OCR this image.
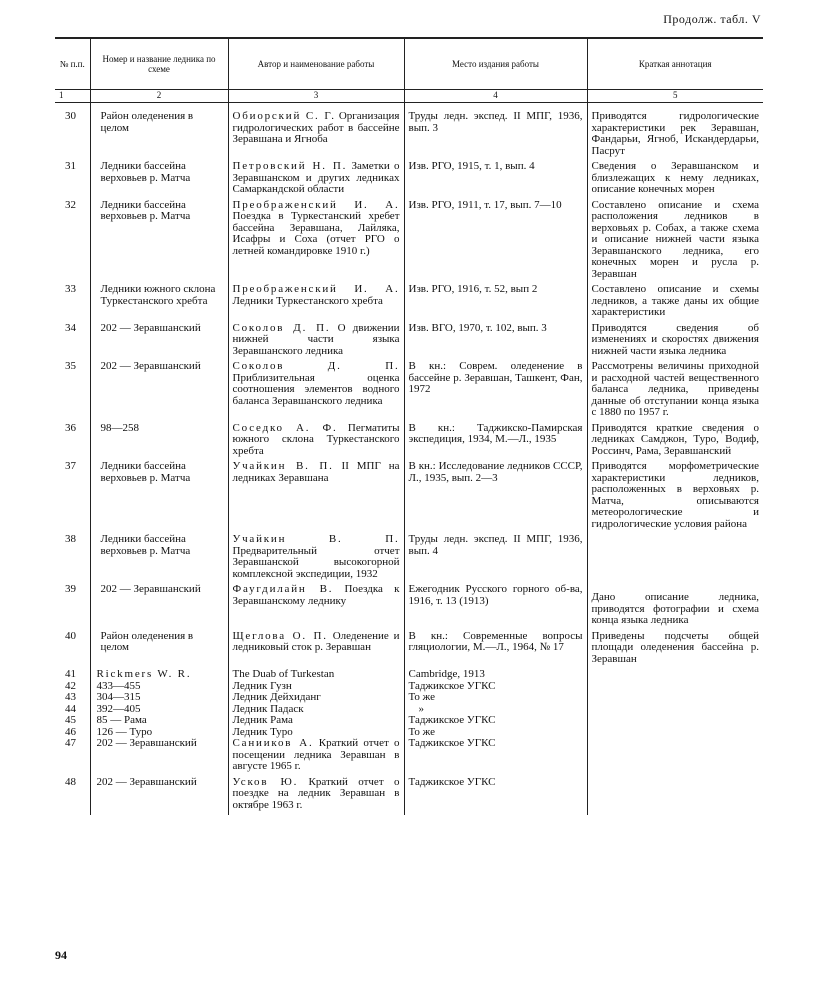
Продолж. табл. V
№ п.п.	Номер и название ледника по схеме	Автор и наименование работы	Место издания работы	Краткая аннотация
1	2	3	4	5

30	Район оледенения в целом	Обиорский С. Г. Организация гидрологических работ в бассейне Зеравшана и Ягноба	Труды ледн. экспед. II МПГ, 1936, вып. 3	Приводятся гидрологические характеристики рек Зеравшан, Фандарьи, Ягноб, Искандердарьи, Пасрут
31	Ледники бассейна верховьев р. Матча	Петровский Н. П. Заметки о Зеравшанском и других ледниках Самаркандской области	Изв. РГО, 1915, т. 1, вып. 4	Сведения о Зеравшанском и близлежащих к нему ледниках, описание конечных морен
32	Ледники бассейна верховьев р. Матча	Преображенский И. А. Поездка в Туркестанский хребет бассейна Зеравшана, Лайляка, Исафры и Соха (отчет РГО о летней командировке 1910 г.)	Изв. РГО, 1911, т. 17, вып. 7—10	Составлено описание и схема расположения ледников в верховьях р. Собах, а также схема и описание нижней части языка Зеравшанского ледника, его конечных морен и русла р. Зеравшан
33	Ледники южного склона Туркестанского хребта	Преображенский И. А. Ледники Туркестанского хребта	Изв. РГО, 1916, т. 52, вып 2	Составлено описание и схемы ледников, а также даны их общие характеристики
34	202 — Зеравшанский	Соколов Д. П. О движении нижней части языка Зеравшанского ледника	Изв. ВГО, 1970, т. 102, вып. 3	Приводятся сведения об изменениях и скоростях движения нижней части языка ледника
35	202 — Зеравшанский	Соколов Д. П. Приблизительная оценка соотношения элементов водного баланса Зеравшанского ледника	В кн.: Соврем. оледенение в бассейне р. Зеравшан, Ташкент, Фан, 1972	Рассмотрены величины приходной и расходной частей вещественного баланса ледника, приведены данные об отступании конца языка с 1880 по 1957 г.
36	98—258	Соседко А. Ф. Пегматиты южного склона Туркестанского хребта	В кн.: Таджикско-Памирская экспедиция, 1934, М.—Л., 1935	Приводятся краткие сведения о ледниках Самджон, Туро, Водиф, Россинч, Рама, Зеравшанский
37	Ледники бассейна верховьев р. Матча	Учайкин В. П. II МПГ на ледниках Зеравшана	В кн.: Исследование ледников СССР, Л., 1935, вып. 2—3	Приводятся морфометрические характеристики ледников, расположенных в верховьях р. Матча, описываются метеорологические и гидрологические условия района
38	Ледники бассейна верховьев р. Матча	Учайкин В. П. Предварительный отчет Зеравшанской высокогорной комплексной экспедиции, 1932	Труды ледн. экспед. II МПГ, 1936, вып. 4	
39	202 — Зеравшанский	Фаугдилайн В. Поездка к Зеравшанскому леднику	Ежегодник Русского горного об-ва, 1916, т. 13 (1913)	Дано описание ледника, приводятся фотографии и схема конца языка ледника
40	Район оледенения в целом	Щеглова О. П. Оледенение и ледниковый сток р. Зеравшан	В кн.: Современные вопросы гляциологии, М.—Л., 1964, № 17	Приведены подсчеты общей площади оледенения бассейна р. Зеравшан
41	Rickmers W. R.	The Duab of Turkestan	Cambridge, 1913	
42	433—455	Ледник Гузн	Таджикское УГКС	
43	304—315	Ледник Дейхиданг	То же	
44	392—405	Ледник Падаск	»	
45	85 — Рама	Ледник Рама	Таджикское УГКС	
46	126 — Туро	Ледник Туро	То же	
47	202 — Зеравшанский	Санииков А. Краткий отчет о посещении ледника Зеравшан в августе 1965 г.	Таджикское УГКС	
48	202 — Зеравшанский	Усков Ю. Краткий отчет о поездке на ледник Зеравшан в октябре 1963 г.	Таджикское УГКС	
94
